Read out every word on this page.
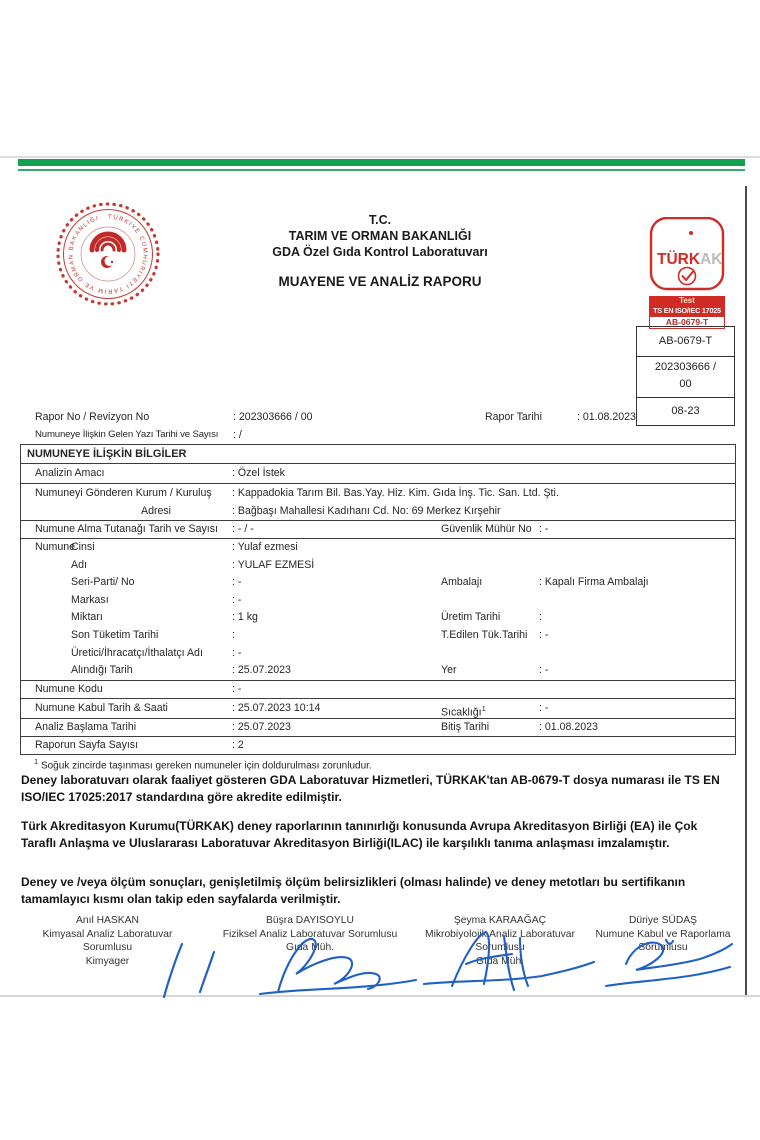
TÜRKİYE CUMHURİYETİ TARIM VE ORMAN BAKANLIĞI	T.C.
TARIM VE ORMAN BAKANLIĞI
GDA Özel Gıda Kontrol Laboratuvarı
MUAYENE VE ANALİZ RAPORU
TÜRKAK
Test
TS EN ISO/IEC 17025
AB-0679-T
AB-0679-T
202303666 / 00
08-23
Rapor No / Revizyon No	: 202303666 / 00	Rapor Tarihi	: 01.08.2023
Numuneye İlişkin Gelen Yazı Tarihi ve Sayısı : /
NUMUNEYE İLİŞKİN BİLGİLER
Analizin Amacı	: Özel İstek
Numuneyi Gönderen Kurum / Kuruluş : Kappadokia Tarım Bil. Bas.Yay. Hiz. Kim. Gıda İnş. Tic. San. Ltd. Şti.
Adresi	: Bağbaşı Mahallesi Kadıhanı Cd. No: 69 Merkez Kırşehir
Numune Alma Tutanağı Tarih ve Sayısı : - / -	Güvenlik Mühür No : -
Numune
Cinsi	: Yulaf ezmesi
Adı	: YULAF EZMESİ
Seri-Parti/ No	: -	Ambalajı	: Kapalı Firma Ambalajı
Markası	: -
Miktarı	: 1 kg	Üretim Tarihi	:
Son Tüketim Tarihi	:	T.Edilen Tük.Tarihi : -
Üretici/İhracatçı/İthalatçı Adı	: -
Alındığı Tarih	: 25.07.2023	Yer	: -
Numune Kodu	: -
Numune Kabul Tarih & Saati	: 25.07.2023 10:14	Sıcaklığı$^1$	: -
Analiz Başlama Tarihi	: 25.07.2023	Bitiş Tarihi	: 01.08.2023
Raporun Sayfa Sayısı	: 2
$^1$ Soğuk zincirde taşınması gereken numuneler için doldurulması zorunludur.
Deney laboratuvarı olarak faaliyet gösteren GDA Laboratuvar Hizmetleri, TÜRKAK'tan AB-0679-T dosya numarası ile TS EN ISO/IEC 17025:2017 standardına göre akredite edilmiştir.
Türk Akreditasyon Kurumu(TÜRKAK) deney raporlarının tanınırlığı konusunda Avrupa Akreditasyon Birliği (EA) ile Çok Taraflı Anlaşma ve Uluslararası Laboratuvar Akreditasyon Birliği(ILAC) ile karşılıklı tanıma anlaşması imzalamıştır.
Deney ve /veya ölçüm sonuçları, genişletilmiş ölçüm belirsizlikleri (olması halinde) ve deney metotları bu sertifikanın tamamlayıcı kısmı olan takip eden sayfalarda verilmiştir.
Anıl HASKAN
Kimyasal Analiz Laboratuvar
Sorumlusu
Kimyager
Büşra DAYISOYLU
Fiziksel Analiz Laboratuvar Sorumlusu
Gıda Müh.
Şeyma KARAAĞAÇ
Mikrobiyolojik Analiz Laboratuvar
Sorumlusu
Gıda Müh.
Düriye SÜDAŞ
Numune Kabul ve Raporlama
Sorumlusu
